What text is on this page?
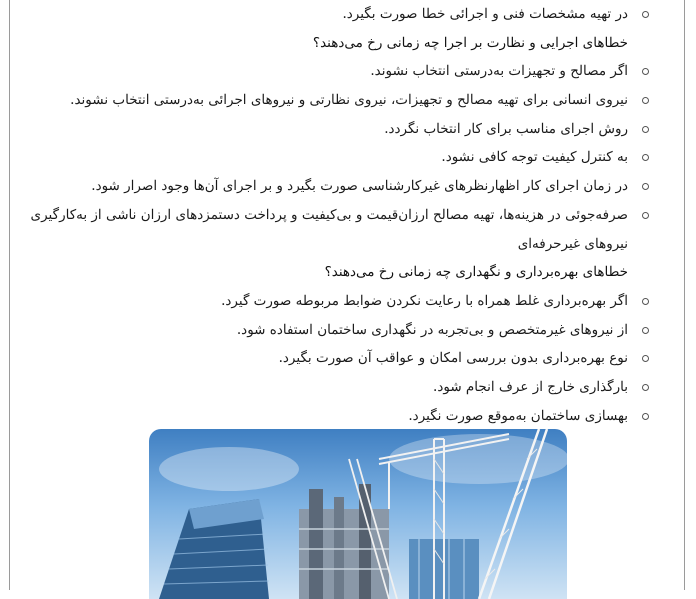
در تهیه مشخصات فنی و اجرائی خطا صورت بگیرد.
خطاهای اجرایی و نظارت بر اجرا چه زمانی رخ می‌دهند؟
اگر مصالح و تجهیزات به‌درستی انتخاب نشوند.
نیروی انسانی برای تهیه مصالح و تجهیزات، نیروی نظارتی و نیروهای اجرائی به‌درستی انتخاب نشوند.
روش اجرای مناسب برای کار انتخاب نگردد.
به کنترل کیفیت توجه کافی نشود.
در زمان اجرای کار اظهارنظرهای غیرکارشناسی صورت بگیرد و بر اجرای آن‌ها وجود اصرار شود.
صرفه‌جوئی در هزینه‌ها، تهیه مصالح ارزان‌قیمت و بی‌کیفیت و پرداخت دستمزدهای ارزان ناشی از به‌کارگیری
نیروهای غیرحرفه‌ای
خطاهای بهره‌برداری و نگهداری چه زمانی رخ می‌دهند؟
اگر بهره‌برداری غلط همراه با رعایت نکردن ضوابط مربوطه صورت گیرد.
از نیروهای غیرمتخصص و بی‌تجربه در نگهداری ساختمان استفاده شود.
نوع بهره‌برداری بدون بررسی امکان و عواقب آن صورت بگیرد.
بارگذاری خارج از عرف انجام شود.
بهسازی ساختمان به‌موقع صورت نگیرد.
